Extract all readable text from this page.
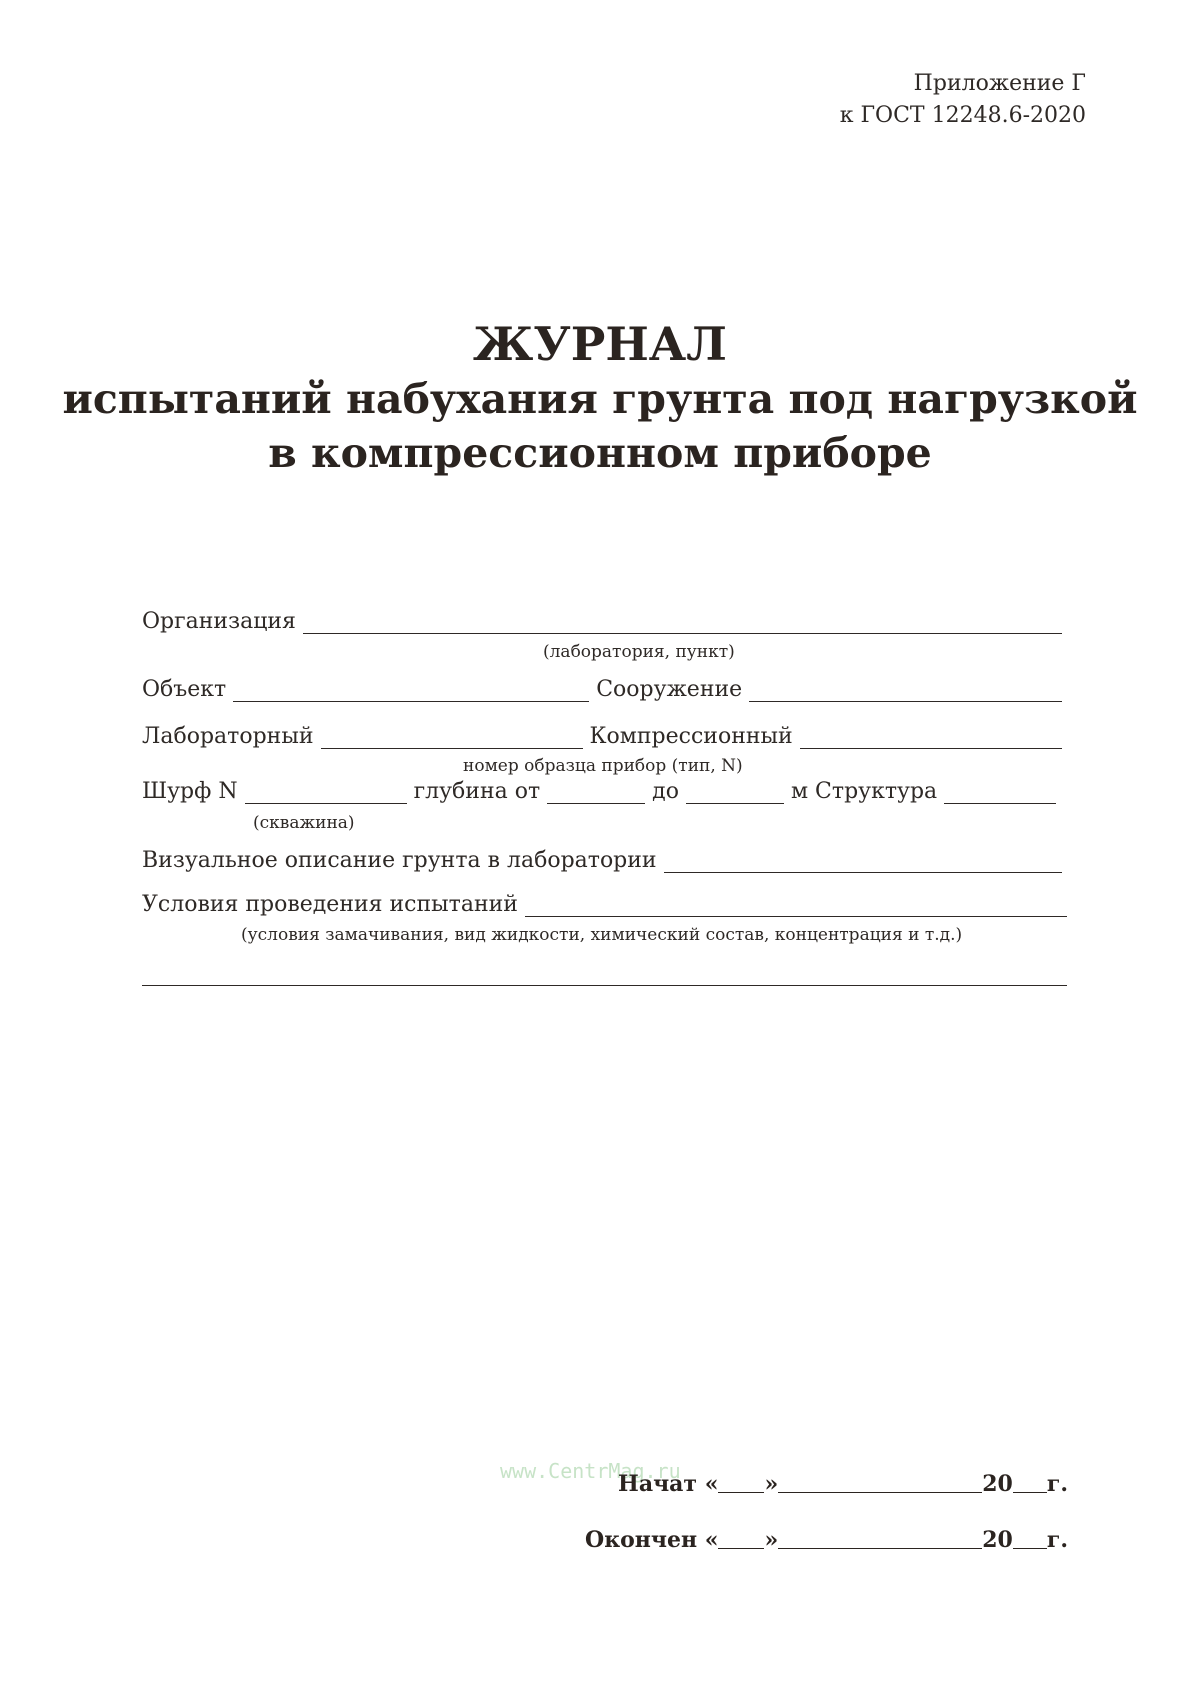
Приложение Г
к ГОСТ 12248.6-2020
ЖУРНАЛ
испытаний набухания грунта под нагрузкой
в компрессионном приборе
Организация
(лаборатория, пункт)
Объект	Сооружение
Лабораторный	Компрессионный
номер образца прибор (тип, N)
Шурф N	глубина от	до	м Структура
(скважина)
Визуальное описание грунта в лаборатории
Условия проведения испытаний
(условия замачивания, вид жидкости, химический состав, концентрация и т.д.)
www.CentrMag.ru
Начат « »	20 г.
Окончен « »	20 г.
